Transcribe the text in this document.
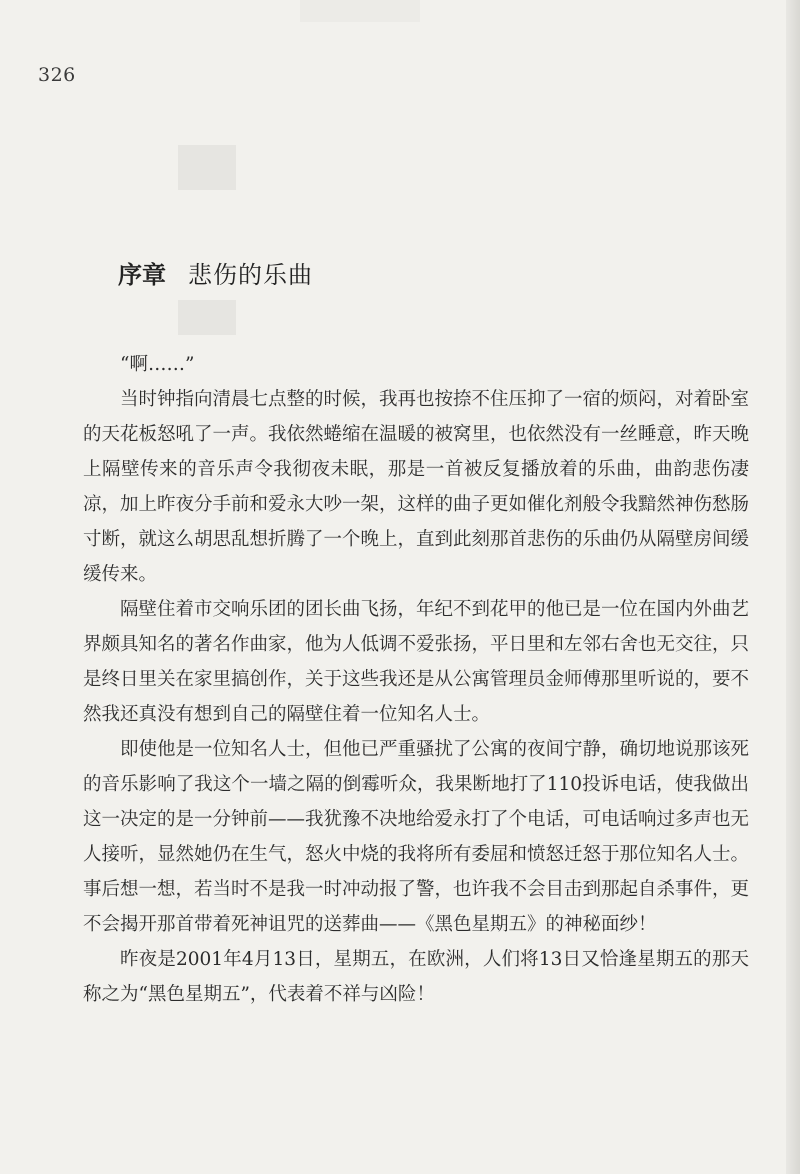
326
序章 悲伤的乐曲

“啊……”

当时钟指向清晨七点整的时候，我再也按捺不住压抑了一宿的烦闷，对着卧室的天花板怒吼了一声。我依然蜷缩在温暖的被窝里，也依然没有一丝睡意，昨天晚上隔壁传来的音乐声令我彻夜未眠，那是一首被反复播放着的乐曲，曲韵悲伤凄凉，加上昨夜分手前和爱永大吵一架，这样的曲子更如催化剂般令我黯然神伤愁肠寸断，就这么胡思乱想折腾了一个晚上，直到此刻那首悲伤的乐曲仍从隔壁房间缓缓传来。

隔壁住着市交响乐团的团长曲飞扬，年纪不到花甲的他已是一位在国内外曲艺界颇具知名的著名作曲家，他为人低调不爱张扬，平日里和左邻右舍也无交往，只是终日里关在家里搞创作，关于这些我还是从公寓管理员金师傅那里听说的，要不然我还真没有想到自己的隔壁住着一位知名人士。

即使他是一位知名人士，但他已严重骚扰了公寓的夜间宁静，确切地说那该死的音乐影响了我这个一墙之隔的倒霉听众，我果断地打了110投诉电话，使我做出这一决定的是一分钟前——我犹豫不决地给爱永打了个电话，可电话响过多声也无人接听，显然她仍在生气，怒火中烧的我将所有委屈和愤怒迁怒于那位知名人士。事后想一想，若当时不是我一时冲动报了警，也许我不会目击到那起自杀事件，更不会揭开那首带着死神诅咒的送葬曲——《黑色星期五》的神秘面纱！

昨夜是2001年4月13日，星期五，在欧洲，人们将13日又恰逢星期五的那天称之为“黑色星期五”，代表着不祥与凶险！
